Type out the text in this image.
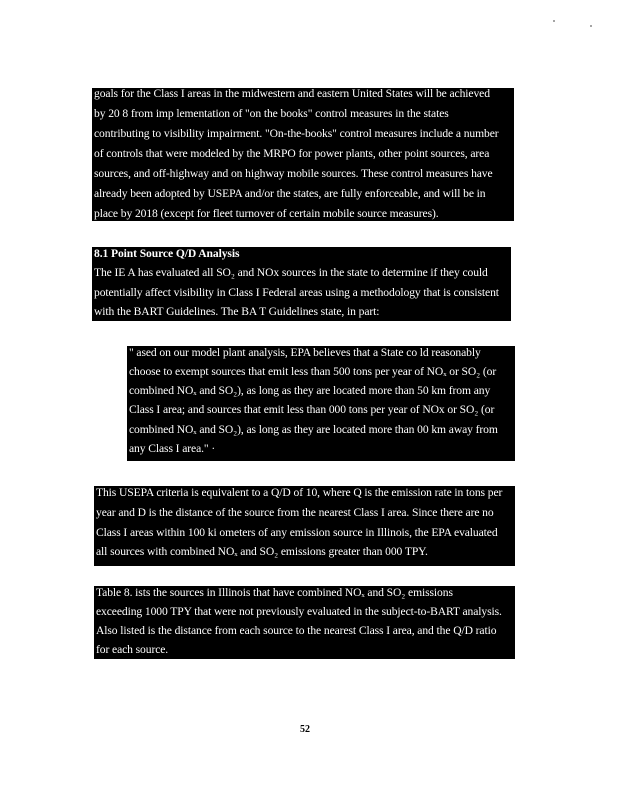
goals for the Class I areas in the midwestern and eastern United States will be achieved
by 20 8 from imp lementation of "on the books" control measures in the states
contributing to visibility impairment. "On-the-books" control measures include a number
of controls that were modeled by the MRPO for power plants, other point sources, area
sources, and off-highway and on highway mobile sources. These control measures have
already been adopted by USEPA and/or the states, are fully enforceable, and will be in
place by 2018 (except for fleet turnover of certain mobile source measures).
8.1 Point Source Q/D Analysis
The IE A has evaluated all SO₂ and NOx sources in the state to determine if they could
potentially affect visibility in Class I Federal areas using a methodology that is consistent
with the BART Guidelines. The BA T Guidelines state, in part:
" ased on our model plant analysis, EPA believes that a State co ld reasonably
choose to exempt sources that emit less than 500 tons per year of NOₓ or SO₂ (or
combined NOₓ and SO₂), as long as they are located more than 50 km from any
Class I area; and sources that emit less than 000 tons per year of NOx or SO₂ (or
combined NOₓ and SO₂), as long as they are located more than 00 km away from
any Class I area." ·
This USEPA criteria is equivalent to a Q/D of 10, where Q is the emission rate in tons per
year and D is the distance of the source from the nearest Class I area. Since there are no
Class I areas within 100 ki ometers of any emission source in Illinois, the EPA evaluated
all sources with combined NOₓ and SO₂ emissions greater than 000 TPY.
Table 8. ists the sources in Illinois that have combined NOₓ and SO₂ emissions
exceeding 1000 TPY that were not previously evaluated in the subject-to-BART analysis.
Also listed is the distance from each source to the nearest Class I area, and the Q/D ratio
for each source.
52
